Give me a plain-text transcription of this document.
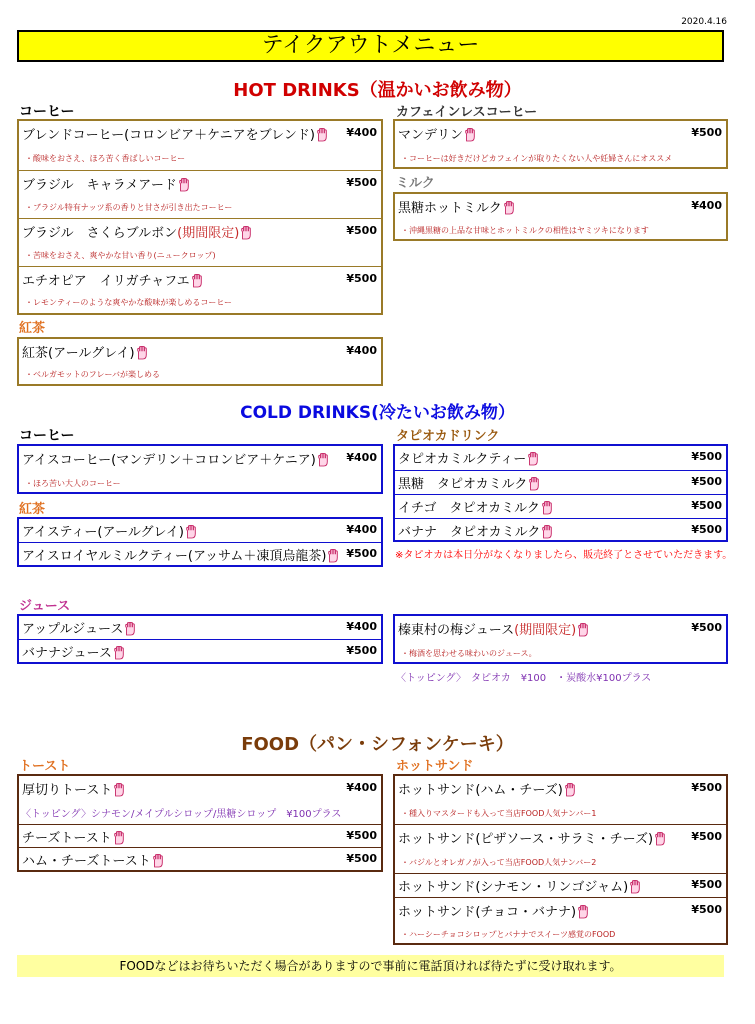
2020.4.16
テイクアウトメニュー
HOT DRINKS（温かいお飲み物）
コーヒー
ブレンドコーヒー(コロンビア＋ケニアをブレンド)	¥400
・酸味をおさえ、ほろ苦く香ばしいコーヒー
ブラジル　キャラメアード	¥500
・ブラジル特有ナッツ系の香りと甘さが引き出たコーヒー
ブラジル　さくらブルボン(期間限定)	¥500
・苦味をおさえ、爽やかな甘い香り(ニュークロップ)
エチオピア　イリガチャフエ	¥500
・レモンティーのような爽やかな酸味が楽しめるコーヒー
紅茶
紅茶(アールグレイ)	¥400
・ベルガモットのフレーバが楽しめる
カフェインレスコーヒー
マンデリン	¥500
・コーヒーは好きだけどカフェインが取りたくない人や妊婦さんにオススメ
ミルク
黒糖ホットミルク	¥400
・沖縄黒糖の上品な甘味とホットミルクの相性はヤミツキになります
COLD DRINKS(冷たいお飲み物）
コーヒー
アイスコーヒー(マンデリン＋コロンビア＋ケニア)	¥400
・ほろ苦い大人のコーヒー
紅茶
アイスティー(アールグレイ)	¥400
アイスロイヤルミルクティー(アッサム＋凍頂烏龍茶)	¥500
タピオカドリンク
タピオカミルクティー	¥500
黒糖　タピオカミルク	¥500
イチゴ　タピオカミルク	¥500
バナナ　タピオカミルク	¥500
※タピオカは本日分がなくなりましたら、販売終了とさせていただきます。
ジュース
アップルジュース	¥400
バナナジュース	¥500
榛東村の梅ジュース(期間限定)	¥500
・梅酒を思わせる味わいのジュース。
〈トッピング〉　タピオカ　¥100　・炭酸水¥100プラス
FOOD（パン・シフォンケーキ）
トースト
厚切りトースト	¥400
〈トッピング〉シナモン/メイプルシロップ/黒糖シロップ　¥100プラス
チーズトースト	¥500
ハム・チーズトースト	¥500
ホットサンド
ホットサンド(ハム・チーズ)	¥500
・種入りマスタードも入って当店FOOD人気ナンバー1
ホットサンド(ピザソース・サラミ・チーズ)	¥500
・バジルとオレガノが入って当店FOOD人気ナンバー2
ホットサンド(シナモン・リンゴジャム)	¥500
ホットサンド(チョコ・バナナ)	¥500
・ハーシーチョコシロップとバナナでスイーツ感覚のFOOD
FOODなどはお待ちいただく場合がありますので事前に電話頂ければ待たずに受け取れます。
